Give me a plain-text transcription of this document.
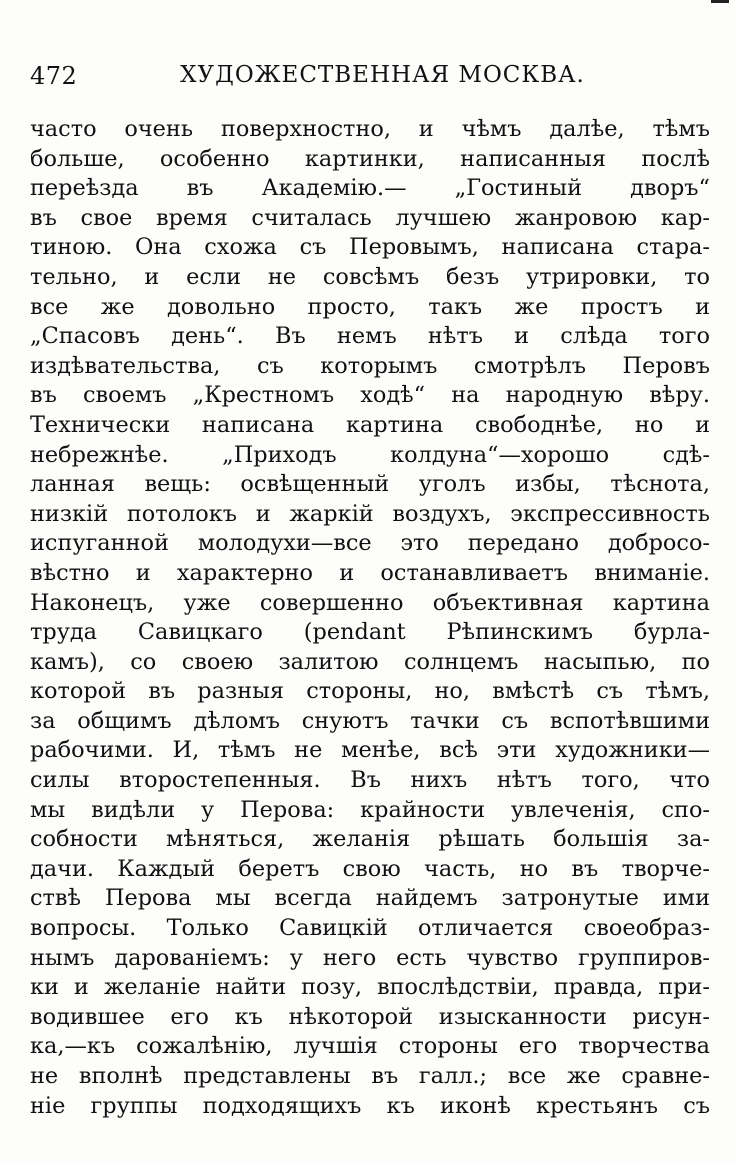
472	ХУДОЖЕСТВЕННАЯ МОСКВА.
часто очень поверхностно, и чѣмъ далѣе, тѣмъ
больше, особенно картинки, написанныя послѣ
переѣзда въ Академію.— „Гостиный дворъ“
въ свое время считалась лучшею жанровою кар-
тиною. Она схожа съ Перовымъ, написана стара-
тельно, и если не совсѣмъ безъ утрировки, то
все же довольно просто, такъ же простъ и
„Спасовъ день“. Въ немъ нѣтъ и слѣда того
издѣвательства, съ которымъ смотрѣлъ Перовъ
въ своемъ „Крестномъ ходѣ“ на народную вѣру.
Технически написана картина свободнѣе, но и
небрежнѣе. „Приходъ колдуна“—хорошо сдѣ-
ланная вещь: освѣщенный уголъ избы, тѣснота,
низкій потолокъ и жаркій воздухъ, экспрессивность
испуганной молодухи—все это передано добросо-
вѣстно и характерно и останавливаетъ вниманіе.
Наконецъ, уже совершенно объективная картина
труда Савицкаго (pendant Рѣпинскимъ бурла-
камъ), со своею залитою солнцемъ насыпью, по
которой въ разныя стороны, но, вмѣстѣ съ тѣмъ,
за общимъ дѣломъ снуютъ тачки съ вспотѣвшими
рабочими. И, тѣмъ не менѣе, всѣ эти художники—
силы второстепенныя. Въ нихъ нѣтъ того, что
мы видѣли у Перова: крайности увлеченія, спо-
собности мѣняться, желанія рѣшать большія за-
дачи. Каждый беретъ свою часть, но въ творче-
ствѣ Перова мы всегда найдемъ затронутые ими
вопросы. Только Савицкій отличается своеобраз-
нымъ дарованіемъ: у него есть чувство группиров-
ки и желаніе найти позу, впослѣдствіи, правда, при-
водившее его къ нѣкоторой изысканности рисун-
ка,—къ сожалѣнію, лучшія стороны его творчества
не вполнѣ представлены въ галл.; все же сравне-
ніе группы подходящихъ къ иконѣ крестьянъ съ
